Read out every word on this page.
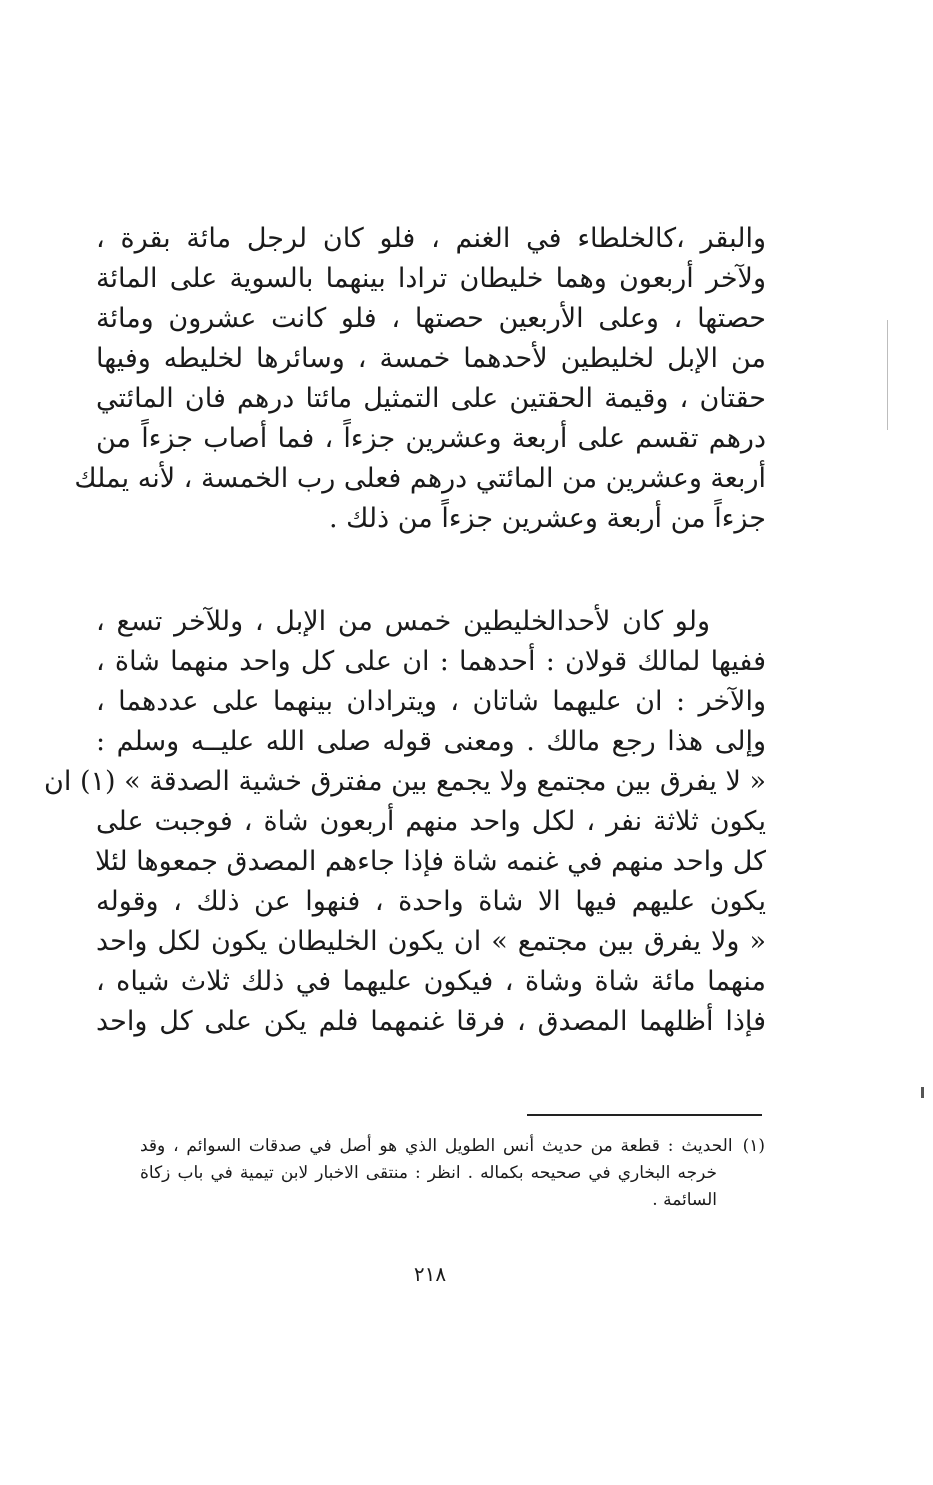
والبقر ،كالخلطاء في الغنم ، فلو كان لرجل مائة بقرة ،
ولآخر أربعون وهما خليطان ترادا بينهما بالسوية على المائة
حصتها ، وعلى الأربعين حصتها ، فلو كانت عشرون ومائة
من الإبل لخليطين لأحدهما خمسة ، وسائرها لخليطه وفيها
حقتان ، وقيمة الحقتين على التمثيل مائتا درهم فان المائتي
درهم تقسم على أربعة وعشرين جزءاً ، فما أصاب جزءاً من
أربعة وعشرين من المائتي درهم فعلى رب الخمسة ، لأنه يملك
جزءاً من أربعة وعشرين جزءاً من ذلك .
ولو كان لأحدالخليطين خمس من الإبل ، وللآخر تسع ،
ففيها لمالك قولان : أحدهما : ان على كل واحد منهما شاة ،
والآخر : ان عليهما شاتان ، ويترادان بينهما على عددهما ،
وإلى هذا رجع مالك . ومعنى قوله صلى الله عليــه وسلم :
« لا يفرق بين مجتمع ولا يجمع بين مفترق خشية الصدقة » (١) ان
يكون ثلاثة نفر ، لكل واحد منهم أربعون شاة ، فوجبت على
كل واحد منهم في غنمه شاة فإذا جاءهم المصدق جمعوها لئلا
يكون عليهم فيها الا شاة واحدة ، فنهوا عن ذلك ، وقوله
« ولا يفرق بين مجتمع » ان يكون الخليطان يكون لكل واحد
منهما مائة شاة وشاة ، فيكون عليهما في ذلك ثلاث شياه ،
فإذا أظلهما المصدق ، فرقا غنمهما فلم يكن على كل واحد
(١)الحديث : قطعة من حديث أنس الطويل الذي هو أصل في صدقات السوائم ، وقد
خرجه البخاري في صحيحه بكماله . انظر : منتقى الاخبار لابن تيمية في باب زكاة
السائمة .
٢١٨
